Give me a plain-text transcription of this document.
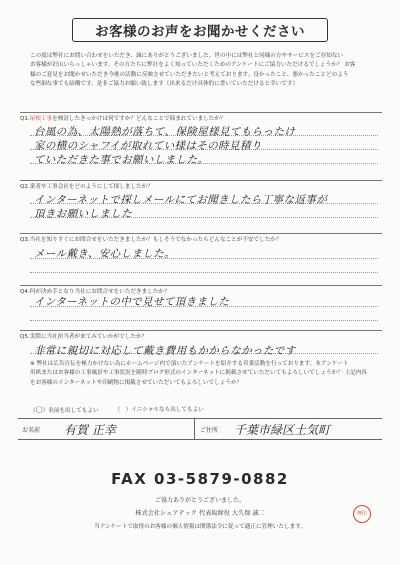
お客様のお声をお聞かせください
この度は弊社にお問い合わせをいただき、誠にありがとうございました。世の中には弊社と同様の方やサービスをご存知ない
お客様が沢山いらっしゃいます。その方たちに弊社をよく知っていただくためのアンケートにご協力いただけるでしょうか？ お客
様のご意見をお聞かせいただき今後の活動に反映させていただきたいと考えております。良かったこと、悪かったことどのよう
な些細な事でも結構です。是非ご協力お願い致します（出来るだけ具体的に書いていただけると幸いです）
Q1.屋根工事を検討したきっかけは何ですか？どんなことで悩まれていましたか？
台風の為、太陽熱が落ちて、保険屋様見てもらったけ
家の横のシャフイが取れてい様はその時見積り
ていただきた事でお願いしました。
Q2.業者や工事会社をどのようにして探しましたか？
インターネットで探しメールにてお聞きしたら丁寧な返事が
頂きお願いしました
Q3.当社を知りすぐにお問合せをいただきましたか？もしそうでなかったらどんなことが不安でしたか？
メール戴き、安心しました。
Q4.何が決め手となり当社にお問合せをいただきましたか？
インターネットの中で見せて頂きました
Q5.実際に当社担当者が来てみていかがでしたか？
非常に親切に対応して戴き費用もかからなかったです
※ 弊社は広告宣伝を極力かけない為にホームページ内で頂いたアンケートを紹介する営業活動を行っております。本アンケート
用紙またはお客様の工事風景や工事状況を随時ブログ形式のインターネットに掲載させていただいてもよろしいでしょうか？ 上記内容
をお客様のインターネットや印刷物に掲載させていただいてもよろしいでしょうか？
（〇）名前を出してもよい	（　）イニシャルなら出してもよい
お名前 有賀 正幸	ご住所 千葉市緑区土気町
FAX 03-5879-0882
ご協力ありがとうございました。
株式会社シェアテック 代表取締役 大久保 誠二	押印
当アンケートで取得のお客様の個人情報は関係法令に従って適正に管理いたします。
